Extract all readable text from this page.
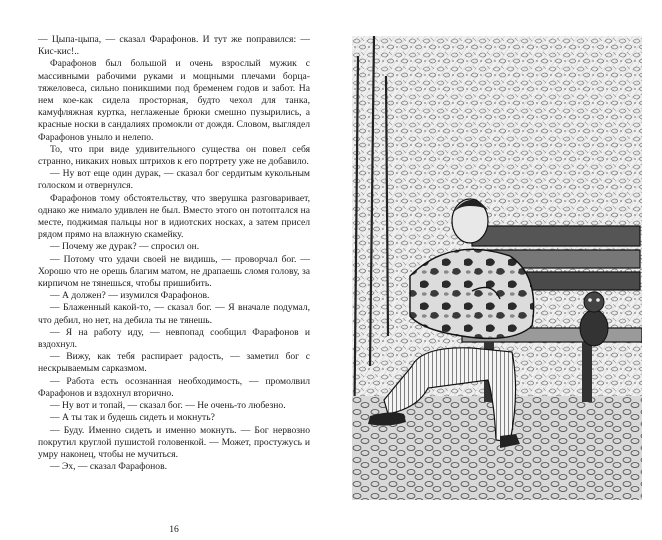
— Цыпа-цыпа, — сказал Фарафонов. И тут же поправился: — Кис-кис!..

Фарафонов был большой и очень взрослый мужик с массивными рабочими руками и мощными плечами борца-тяжеловеса, сильно поникшими под бременем годов и забот. На нем кое-как сидела просторная, будто чехол для танка, камуфляжная куртка, неглаженые брюки смешно пузырились, а красные носки в сандалиях промокли от дождя. Словом, выглядел Фарафонов уныло и нелепо.

То, что при виде удивительного существа он повел себя странно, никаких новых штрихов к его портрету уже не добавило.

— Ну вот еще один дурак, — сказал бог сердитым кукольным голоском и отвернулся.

Фарафонов тому обстоятельству, что зверушка разговаривает, однако же нимало удивлен не был. Вместо этого он потоптался на месте, поджимая пальцы ног в идиотских носках, а затем присел рядом прямо на влажную скамейку.

— Почему же дурак? — спросил он.

— Потому что удачи своей не видишь, — проворчал бог. — Хорошо что не орешь благим матом, не драпаешь сломя голову, за кирпичом не тянешься, чтобы пришибить.

— А должен? — изумился Фарафонов.

— Блаженный какой-то, — сказал бог. — Я вначале подумал, что дебил, но нет, на дебила ты не тянешь.

— Я на работу иду, — невпопад сообщил Фарафонов и вздохнул.

— Вижу, как тебя распирает радость, — заметил бог с нескрываемым сарказмом.

— Работа есть осознанная необходимость, — промолвил Фарафонов и вздохнул вторично.

— Ну вот и топай, — сказал бог. — Не очень-то любезно.

— А ты так и будешь сидеть и мокнуть?

— Буду. Именно сидеть и именно мокнуть. — Бог нервозно покрутил круглой пушистой головенкой. — Может, простужусь и умру наконец, чтобы не мучиться.

— Эх, — сказал Фарафонов.

16
